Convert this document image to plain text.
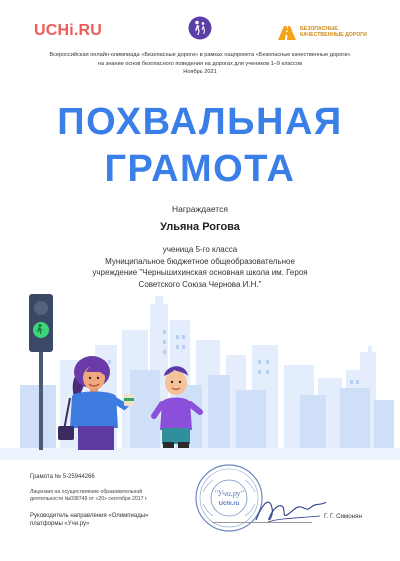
UCHi.RU	БЕЗОПАСНЫЕ
КАЧЕСТВЕННЫЕ ДОРОГИ
Всероссийская онлайн-олимпиада «Безопасные дороги» в рамках нацпроекта «Безопасные качественные дороги»
на знание основ безопасного поведения на дорогах для учеников 1–9 классов
Ноябрь 2021
ПОХВАЛЬНАЯ
ГРАМОТА
Награждается
Ульяна Рогова
ученица 5-го класса
Муниципальное бюджетное общеобразовательное
учреждение "Чернышихинская основная школа им. Героя
Советского Союза Чернова И.Н."
Грамота № 5-25944266
Лицензия на осуществление образовательной
деятельности №038749 от «20» сентября 2017 г.
Руководитель направления «Олимпиады»
платформы «Учи.ру»
"Учи.ру"
Uchi.ru
Г. Г. Симонян
